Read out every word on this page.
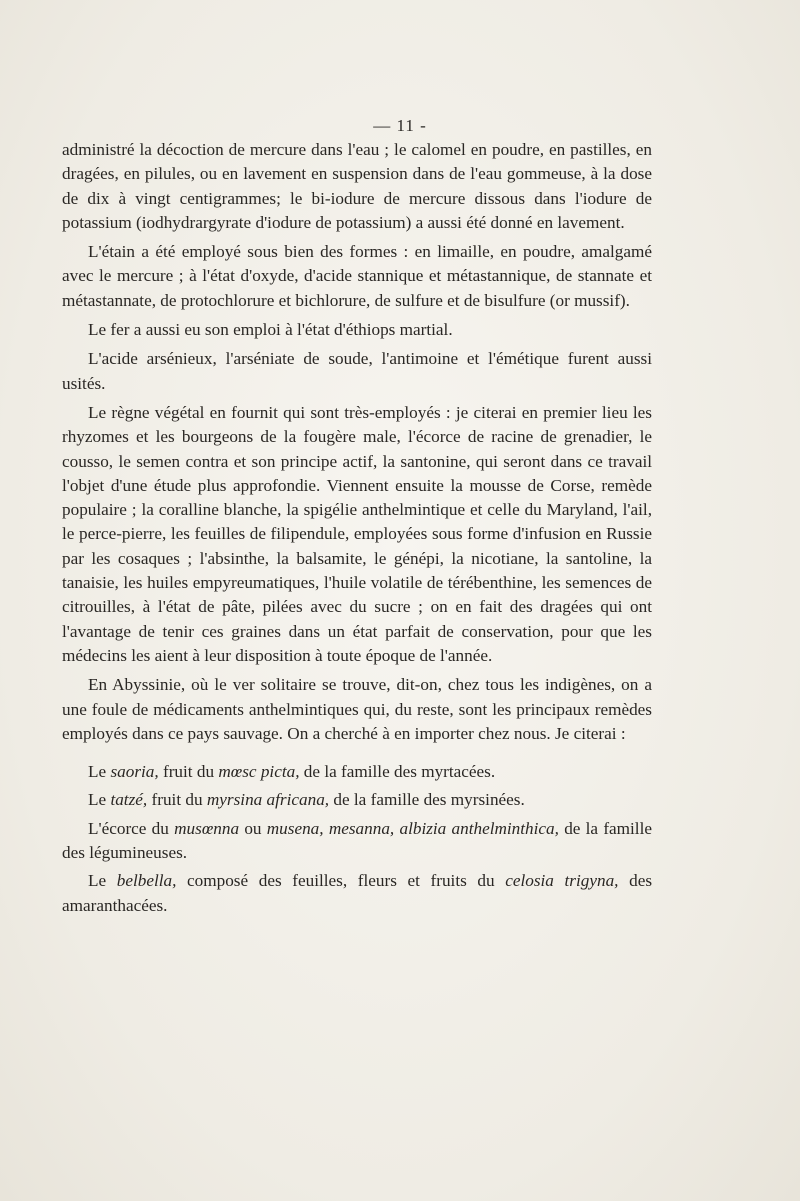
— 11 -

administré la décoction de mercure dans l'eau ; le calomel en poudre, en pastilles, en dragées, en pilules, ou en lavement en suspension dans de l'eau gommeuse, à la dose de dix à vingt centigrammes; le bi-iodure de mercure dissous dans l'iodure de potassium (iodhydrargyrate d'iodure de potassium) a aussi été donné en lavement.

L'étain a été employé sous bien des formes : en limaille, en poudre, amalgamé avec le mercure ; à l'état d'oxyde, d'acide stannique et métastannique, de stannate et métastannate, de protochlorure et bichlorure, de sulfure et de bisulfure (or mussif).

Le fer a aussi eu son emploi à l'état d'éthiops martial.

L'acide arsénieux, l'arséniate de soude, l'antimoine et l'émétique furent aussi usités.

Le règne végétal en fournit qui sont très-employés : je citerai en premier lieu les rhyzomes et les bourgeons de la fougère male, l'écorce de racine de grenadier, le cousso, le semen contra et son principe actif, la santonine, qui seront dans ce travail l'objet d'une étude plus approfondie. Viennent ensuite la mousse de Corse, remède populaire ; la coralline blanche, la spigélie anthelmintique et celle du Maryland, l'ail, le perce-pierre, les feuilles de filipendule, employées sous forme d'infusion en Russie par les cosaques ; l'absinthe, la balsamite, le génépi, la nicotiane, la santoline, la tanaisie, les huiles empyreumatiques, l'huile volatile de térébenthine, les semences de citrouilles, à l'état de pâte, pilées avec du sucre ; on en fait des dragées qui ont l'avantage de tenir ces graines dans un état parfait de conservation, pour que les médecins les aient à leur disposition à toute époque de l'année.

En Abyssinie, où le ver solitaire se trouve, dit-on, chez tous les indigènes, on a une foule de médicaments anthelmintiques qui, du reste, sont les principaux remèdes employés dans ce pays sauvage. On a cherché à en importer chez nous. Je citerai :

Le saoria, fruit du mœsc picta, de la famille des myrtacées.

Le tatzé, fruit du myrsina africana, de la famille des myrsinées.

L'écorce du musœnna ou musena, mesanna, albizia anthelminthica, de la famille des légumineuses.

Le belbella, composé des feuilles, fleurs et fruits du celosia trigyna, des amaranthacées.
